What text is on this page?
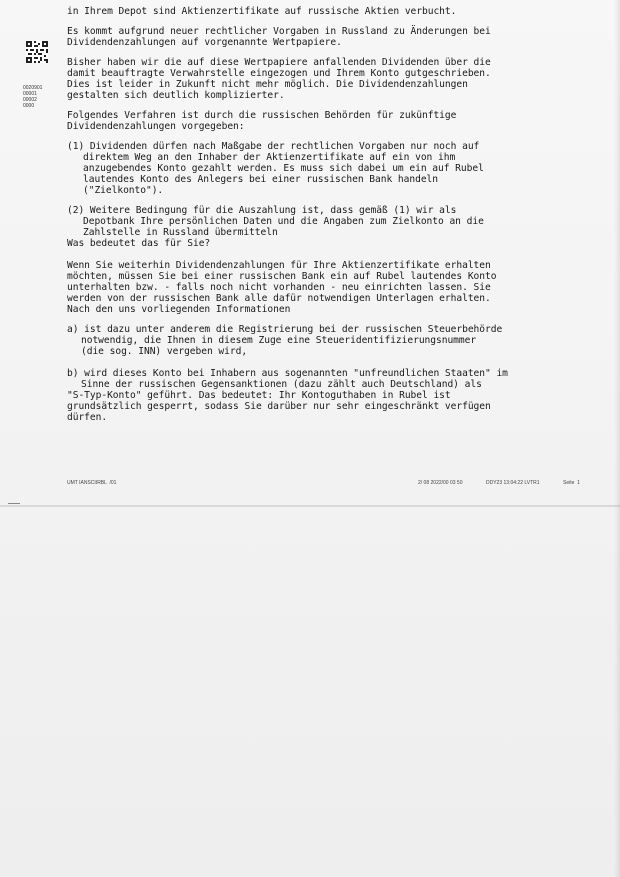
0020901
00001
00002
0000
in Ihrem Depot sind Aktienzertifikate auf russische Aktien verbucht.
Es kommt aufgrund neuer rechtlicher Vorgaben in Russland zu Änderungen bei
Dividendenzahlungen auf vorgenannte Wertpapiere.
Bisher haben wir die auf diese Wertpapiere anfallenden Dividenden über die
damit beauftragte Verwahrstelle eingezogen und Ihrem Konto gutgeschrieben.
Dies ist leider in Zukunft nicht mehr möglich. Die Dividendenzahlungen
gestalten sich deutlich komplizierter.
Folgendes Verfahren ist durch die russischen Behörden für zukünftige
Dividendenzahlungen vorgegeben:
(1) Dividenden dürfen nach Maßgabe der rechtlichen Vorgaben nur noch auf
direktem Weg an den Inhaber der Aktienzertifikate auf ein von ihm
anzugebendes Konto gezahlt werden. Es muss sich dabei um ein auf Rubel
lautendes Konto des Anlegers bei einer russischen Bank handeln
("Zielkonto").
(2) Weitere Bedingung für die Auszahlung ist, dass gemäß (1) wir als
Depotbank Ihre persönlichen Daten und die Angaben zum Zielkonto an die
Zahlstelle in Russland übermitteln
Was bedeutet das für Sie?
Wenn Sie weiterhin Dividendenzahlungen für Ihre Aktienzertifikate erhalten
möchten, müssen Sie bei einer russischen Bank ein auf Rubel lautendes Konto
unterhalten bzw. - falls noch nicht vorhanden - neu einrichten lassen. Sie
werden von der russischen Bank alle dafür notwendigen Unterlagen erhalten.
Nach den uns vorliegenden Informationen
a) ist dazu unter anderem die Registrierung bei der russischen Steuerbehörde
notwendig, die Ihnen in diesem Zuge eine Steueridentifizierungsnummer
(die sog. INN) vergeben wird,
b) wird dieses Konto bei Inhabern aus sogenannten "unfreundlichen Staaten" im
Sinne der russischen Gegensanktionen (dazu zählt auch Deutschland) als
"S-Typ-Konto" geführt. Das bedeutet: Ihr Kontoguthaben in Rubel ist
grundsätzlich gesperrt, sodass Sie darüber nur sehr eingeschränkt verfügen
dürfen.
UMT IANSCIIRBL  /01	2/ 08 2022/00 03 50	DDY23 13:04:22 LVTR1	Seite  1
